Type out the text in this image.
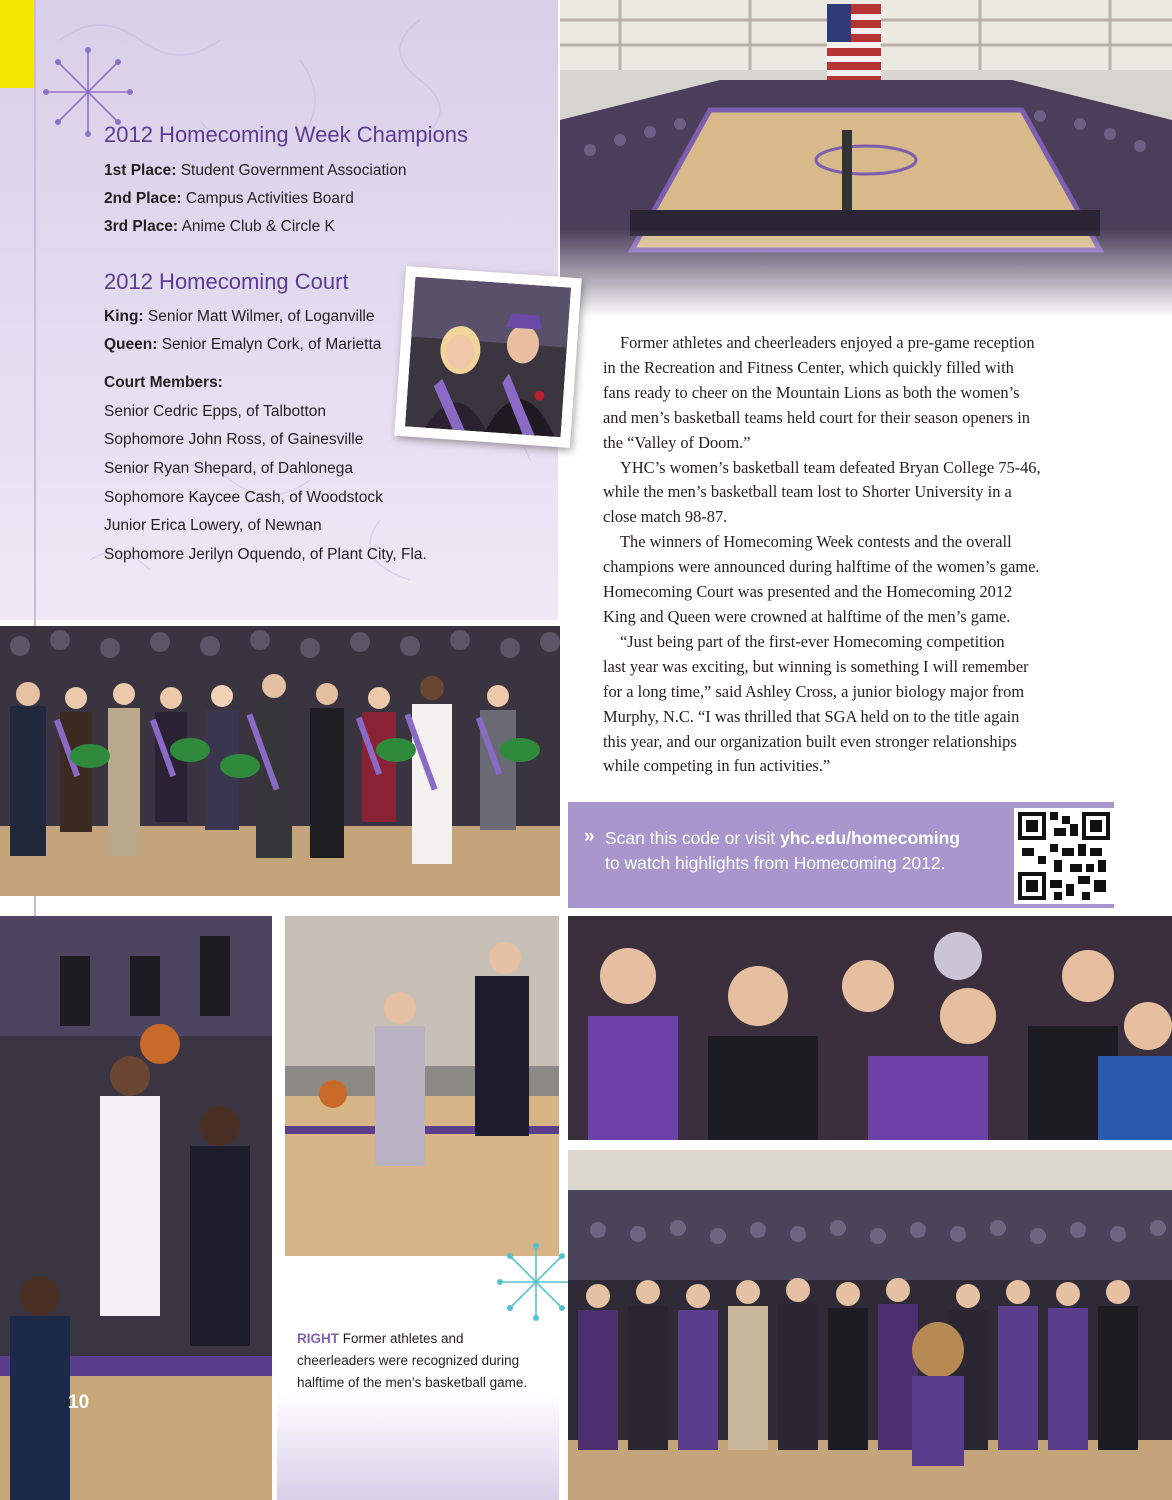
2012 Homecoming Week Champions
1st Place: Student Government Association
2nd Place: Campus Activities Board
3rd Place: Anime Club & Circle K
2012 Homecoming Court
King: Senior Matt Wilmer, of Loganville
Queen: Senior Emalyn Cork, of Marietta
Court Members:
Senior Cedric Epps, of Talbotton
Sophomore John Ross, of Gainesville
Senior Ryan Shepard, of Dahlonega
Sophomore Kaycee Cash, of Woodstock
Junior Erica Lowery, of Newnan
Sophomore Jerilyn Oquendo, of Plant City, Fla.

Former athletes and cheerleaders enjoyed a pre-game reception

in the Recreation and Fitness Center, which quickly filled with
fans ready to cheer on the Mountain Lions as both the women’s
and men’s basketball teams held court for their season openers in
the “Valley of Doom.”

YHC’s women’s basketball team defeated Bryan College 75-46,

while the men’s basketball team lost to Shorter University in a
close match 98-87.

The winners of Homecoming Week contests and the overall

champions were announced during halftime of the women’s game.
Homecoming Court was presented and the Homecoming 2012
King and Queen were crowned at halftime of the men’s game.

“Just being part of the first-ever Homecoming competition

last year was exciting, but winning is something I will remember
for a long time,” said Ashley Cross, a junior biology major from
Murphy, N.C. “I was thrilled that SGA held on to the title again
this year, and our organization built even stronger relationships
while competing in fun activities.”
» Scan this code or visit yhc.edu/homecoming
to watch highlights from Homecoming 2012.
RIGHT Former athletes and
cheerleaders were recognized during
halftime of the men’s basketball game.
10
